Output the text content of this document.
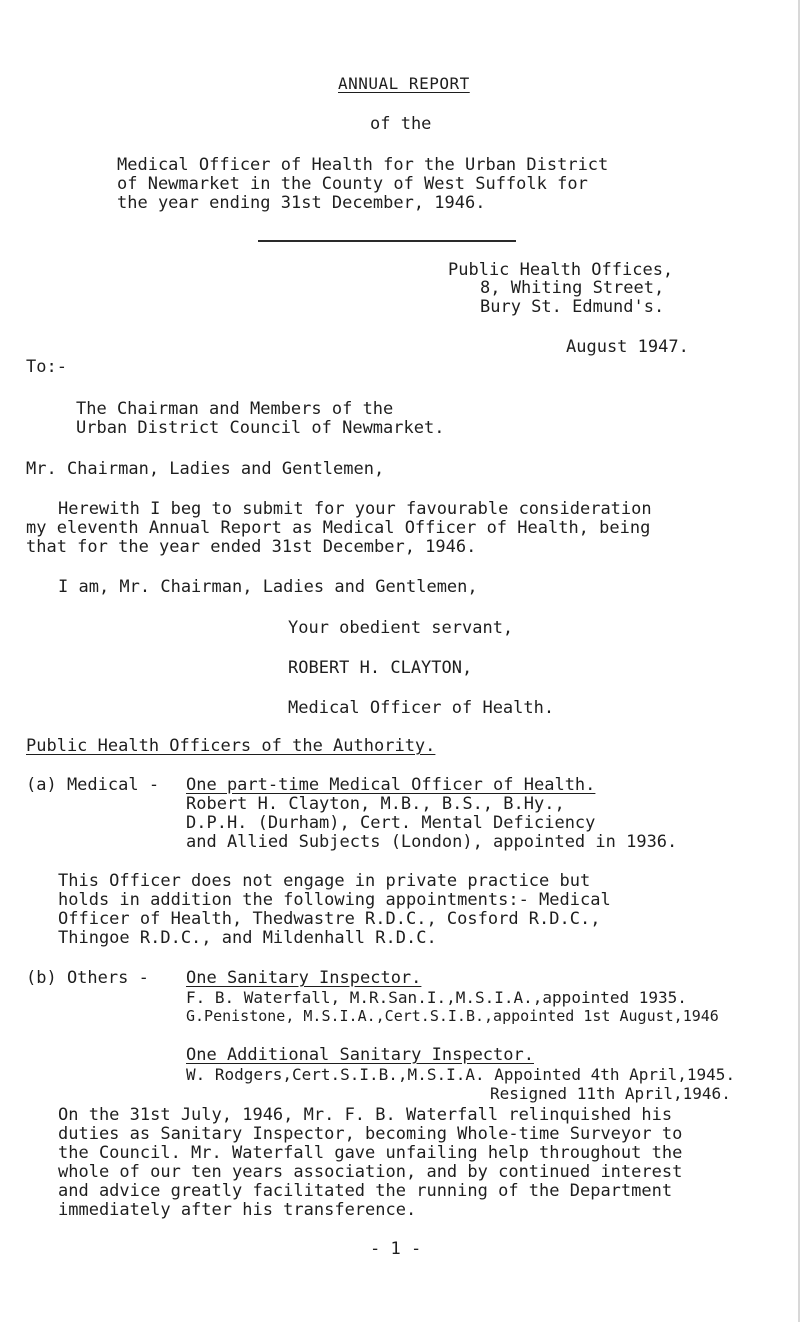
ANNUAL REPORT
of the
Medical Officer of Health for the Urban District
of Newmarket in the County of West Suffolk for
the year ending 31st December, 1946.
Public Health Offices,
8, Whiting Street,
Bury St. Edmund's.
August 1947.
To:-
The Chairman and Members of the
Urban District Council of Newmarket.
Mr. Chairman, Ladies and Gentlemen,
Herewith I beg to submit for your favourable consideration
my eleventh Annual Report as Medical Officer of Health, being
that for the year ended 31st December, 1946.
I am, Mr. Chairman, Ladies and Gentlemen,
Your obedient servant,
ROBERT H. CLAYTON,
Medical Officer of Health.
Public Health Officers of the Authority.
(a) Medical - One part-time Medical Officer of Health.
Robert H. Clayton, M.B., B.S., B.Hy.,
D.P.H. (Durham), Cert. Mental Deficiency
and Allied Subjects (London), appointed in 1936.
This Officer does not engage in private practice but
holds in addition the following appointments:- Medical
Officer of Health, Thedwastre R.D.C., Cosford R.D.C.,
Thingoe R.D.C., and Mildenhall R.D.C.
(b) Others - One Sanitary Inspector.
F. B. Waterfall, M.R.San.I.,M.S.I.A.,appointed 1935.
G.Penistone, M.S.I.A.,Cert.S.I.B.,appointed 1st August,1946
One Additional Sanitary Inspector.
W. Rodgers,Cert.S.I.B.,M.S.I.A. Appointed 4th April,1945.
Resigned 11th April,1946.
On the 31st July, 1946, Mr. F. B. Waterfall relinquished his
duties as Sanitary Inspector, becoming Whole-time Surveyor to
the Council. Mr. Waterfall gave unfailing help throughout the
whole of our ten years association, and by continued interest
and advice greatly facilitated the running of the Department
immediately after his transference.
- 1 -
